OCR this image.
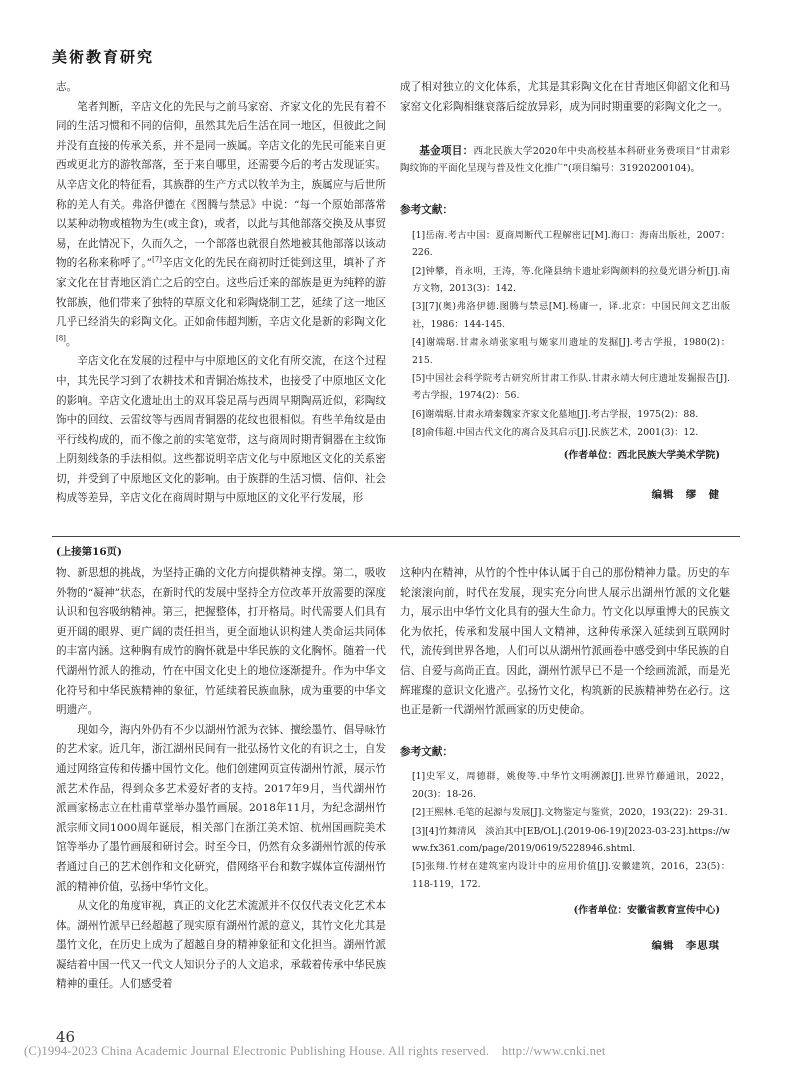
美術教育研究

志。

笔者判断，辛店文化的先民与之前马家窑、齐家文化的先民有着不同的生活习惯和不同的信仰，虽然其先后生活在同一地区，但彼此之间并没有直接的传承关系，并不是同一族属。辛店文化的先民可能来自更西或更北方的游牧部落，至于来自哪里，还需要今后的考古发现证实。从辛店文化的特征看，其族群的生产方式以牧羊为主，族属应与后世所称的羌人有关。弗洛伊德在《图腾与禁忌》中说：“每一个原始部落常以某种动物或植物为生(或主食)，或者，以此与其他部落交换及从事贸易，在此情况下，久而久之，一个部落也就很自然地被其他部落以该动物的名称来称呼了。”[7]辛店文化的先民在商初时迁徙到这里，填补了齐家文化在甘青地区消亡之后的空白。这些后迁来的部族是更为纯粹的游牧部族，他们带来了独特的草原文化和彩陶烧制工艺，延续了这一地区几乎已经消失的彩陶文化。正如俞伟超判断，辛店文化是新的彩陶文化[8]。

辛店文化在发展的过程中与中原地区的文化有所交流，在这个过程中，其先民学习到了农耕技术和青铜冶炼技术，也接受了中原地区文化的影响。辛店文化遗址出土的双耳袋足鬲与西周早期陶鬲近似，彩陶纹饰中的回纹、云雷纹等与西周青铜器的花纹也很相似。有些羊角纹是由平行线构成的，而不像之前的实笔宽带，这与商周时期青铜器在主纹饰上阴刻线条的手法相似。这些都说明辛店文化与中原地区文化的关系密切，并受到了中原地区文化的影响。由于族群的生活习惯、信仰、社会构成等差异，辛店文化在商周时期与中原地区的文化平行发展，形

成了相对独立的文化体系，尤其是其彩陶文化在甘青地区仰韶文化和马家窑文化彩陶相继衰落后绽放异彩，成为同时期重要的彩陶文化之一。

基金项目：西北民族大学2020年中央高校基本科研业务费项目“甘肃彩陶纹饰的平面化呈现与普及性文化推广”(项目编号：31920200104)。

参考文献：
[1]岳南.考古中国：夏商周断代工程解密记[M].海口：海南出版社，2007：226.
[2]钟攀，肖永明，王涛，等.化隆县纳卡遗址彩陶颜料的拉曼光谱分析[J].南方文物，2013(3)：142.
[3][7](奥)弗洛伊德.图腾与禁忌[M].杨庸一，译.北京：中国民间文艺出版社，1986：144-145.
[4]谢端琚.甘肃永靖张家咀与姬家川遗址的发掘[J].考古学报，1980(2)：215.
[5]中国社会科学院考古研究所甘肃工作队.甘肃永靖大何庄遗址发掘报告[J].考古学报，1974(2)：56.
[6]谢端琚.甘肃永靖秦魏家齐家文化墓地[J].考古学报，1975(2)：88.
[8]俞伟超.中国古代文化的离合及其启示[J].民族艺术，2001(3)：12.
(作者单位：西北民族大学美术学院)
编辑　缪　健
(上接第16页)

物、新思想的挑战，为坚持正确的文化方向提供精神支撑。第二，吸收外物的“凝神”状态，在新时代的发展中坚持全方位改革开放需要的深度认识和包容吸纳精神。第三，把握整体，打开格局。时代需要人们具有更开阔的眼界、更广阔的责任担当，更全面地认识构建人类命运共同体的丰富内涵。这种胸有成竹的胸怀就是中华民族的文化胸怀。随着一代代湖州竹派人的推动，竹在中国文化史上的地位逐渐提升。作为中华文化符号和中华民族精神的象征，竹延续着民族血脉，成为重要的中华文明遗产。

现如今，海内外仍有不少以湖州竹派为衣钵、擅绘墨竹、倡导咏竹的艺术家。近几年，浙江湖州民间有一批弘扬竹文化的有识之士，自发通过网络宣传和传播中国竹文化。他们创建网页宣传湖州竹派，展示竹派艺术作品，得到众多艺术爱好者的支持。2017年9月，当代湖州竹派画家杨志立在杜甫草堂举办墨竹画展。2018年11月，为纪念湖州竹派宗师文同1000周年诞辰，相关部门在浙江美术馆、杭州国画院美术馆等举办了墨竹画展和研讨会。时至今日，仍然有众多湖州竹派的传承者通过自己的艺术创作和文化研究，借网络平台和数字媒体宣传湖州竹派的精神价值，弘扬中华竹文化。

从文化的角度审视，真正的文化艺术流派并不仅仅代表文化艺术本体。湖州竹派早已经超越了现实原有湖州竹派的意义，其竹文化尤其是墨竹文化，在历史上成为了超越自身的精神象征和文化担当。湖州竹派凝结着中国一代又一代文人知识分子的人文追求，承载着传承中华民族精神的重任。人们感受着

这种内在精神，从竹的个性中体认属于自己的那份精神力量。历史的车轮滚滚向前，时代在发展，现实充分向世人展示出湖州竹派的文化魅力，展示出中华竹文化具有的强大生命力。竹文化以厚重博大的民族文化为依托，传承和发展中国人文精神，这种传承深入延续到互联网时代，流传到世界各地，人们可以从湖州竹派画卷中感受到中华民族的自信、自爱与高尚正直。因此，湖州竹派早已不是一个绘画流派，而是光辉璀璨的意识文化遗产。弘扬竹文化，构筑新的民族精神势在必行。这也正是新一代湖州竹派画家的历史使命。

参考文献：
[1]史军义，周德群，姚俊等.中华竹文明溯源[J].世界竹藤通讯，2022，20(3)：18-26.
[2]王熙林.毛笔的起源与发展[J].文物鉴定与鉴赏，2020，193(22)：29-31.
[3][4]竹舞清风　淡泊其中[EB/OL].(2019-06-19)[2023-03-23].https://www.fx361.com/page/2019/0619/5228946.shtml.
[5]张翔.竹材在建筑室内设计中的应用价值[J].安徽建筑，2016，23(5)：118-119，172.
(作者单位：安徽省教育宣传中心)
编辑　李思琪
46
(C)1994-2023 China Academic Journal Electronic Publishing House. All rights reserved.　http://www.cnki.net
